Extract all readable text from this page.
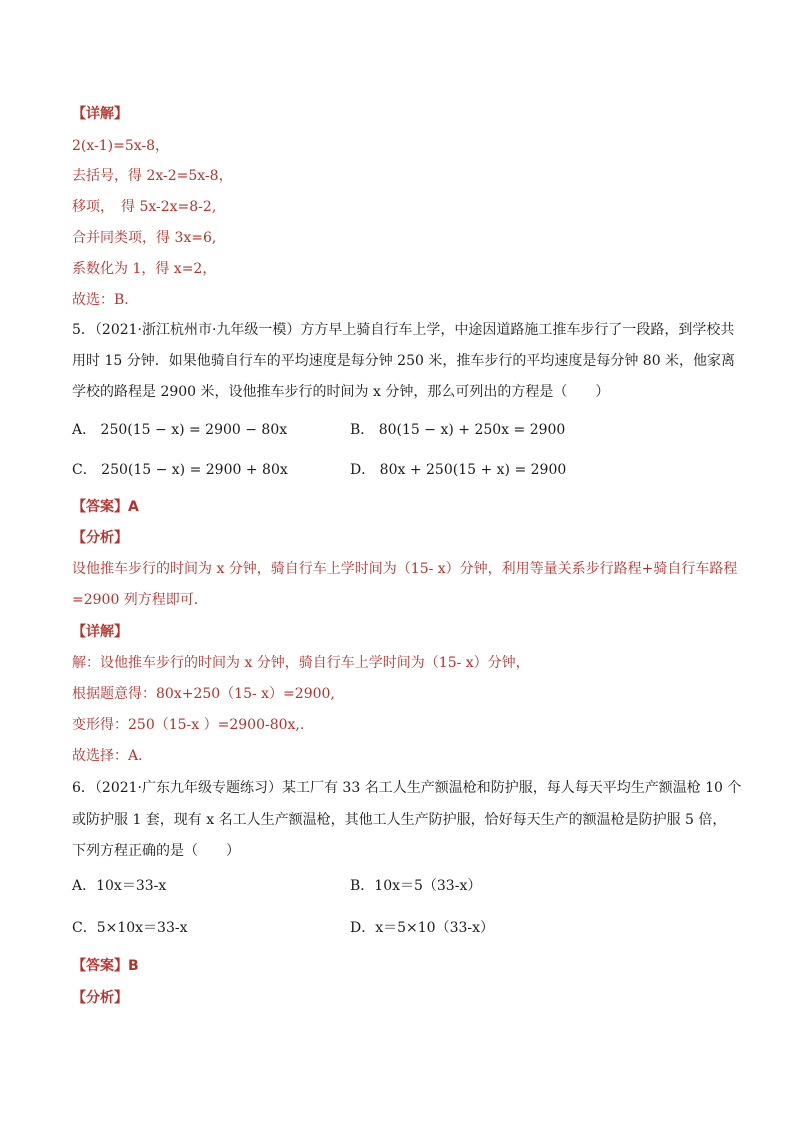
【详解】
2(x-1)=5x-8，
去括号，得 2x-2=5x-8，
移项，　得 5x-2x=8-2,
合并同类项，得 3x=6,
系数化为 1，得 x=2，
故选：B．
5．（2021·浙江杭州市·九年级一模）方方早上骑自行车上学，中途因道路施工推车步行了一段路，到学校共
用时 15 分钟．如果他骑自行车的平均速度是每分钟 250 米，推车步行的平均速度是每分钟 80 米，他家离
学校的路程是 2900 米，设他推车步行的时间为 x 分钟，那么可列出的方程是（　　）
A． 250(15 − x) = 2900 − 80x	B． 80(15 − x) + 250x = 2900
C． 250(15 − x) = 2900 + 80x	D． 80x + 250(15 + x) = 2900
【答案】A
【分析】
设他推车步行的时间为 x 分钟，骑自行车上学时间为（15- x）分钟，利用等量关系步行路程+骑自行车路程
=2900 列方程即可．
【详解】
解：设他推车步行的时间为 x 分钟，骑自行车上学时间为（15- x）分钟，
根据题意得：80x+250（15- x）=2900,
变形得：250（15-x ）=2900-80x,.
故选择：A．
6．（2021·广东九年级专题练习）某工厂有 33 名工人生产额温枪和防护服，每人每天平均生产额温枪 10 个
或防护服 1 套，现有 x 名工人生产额温枪，其他工人生产防护服，恰好每天生产的额温枪是防护服 5 倍，
下列方程正确的是（　　）
A．10x＝33-x	B．10x＝5（33-x）
C．5×10x＝33-x	D．x＝5×10（33-x）
【答案】B
【分析】
